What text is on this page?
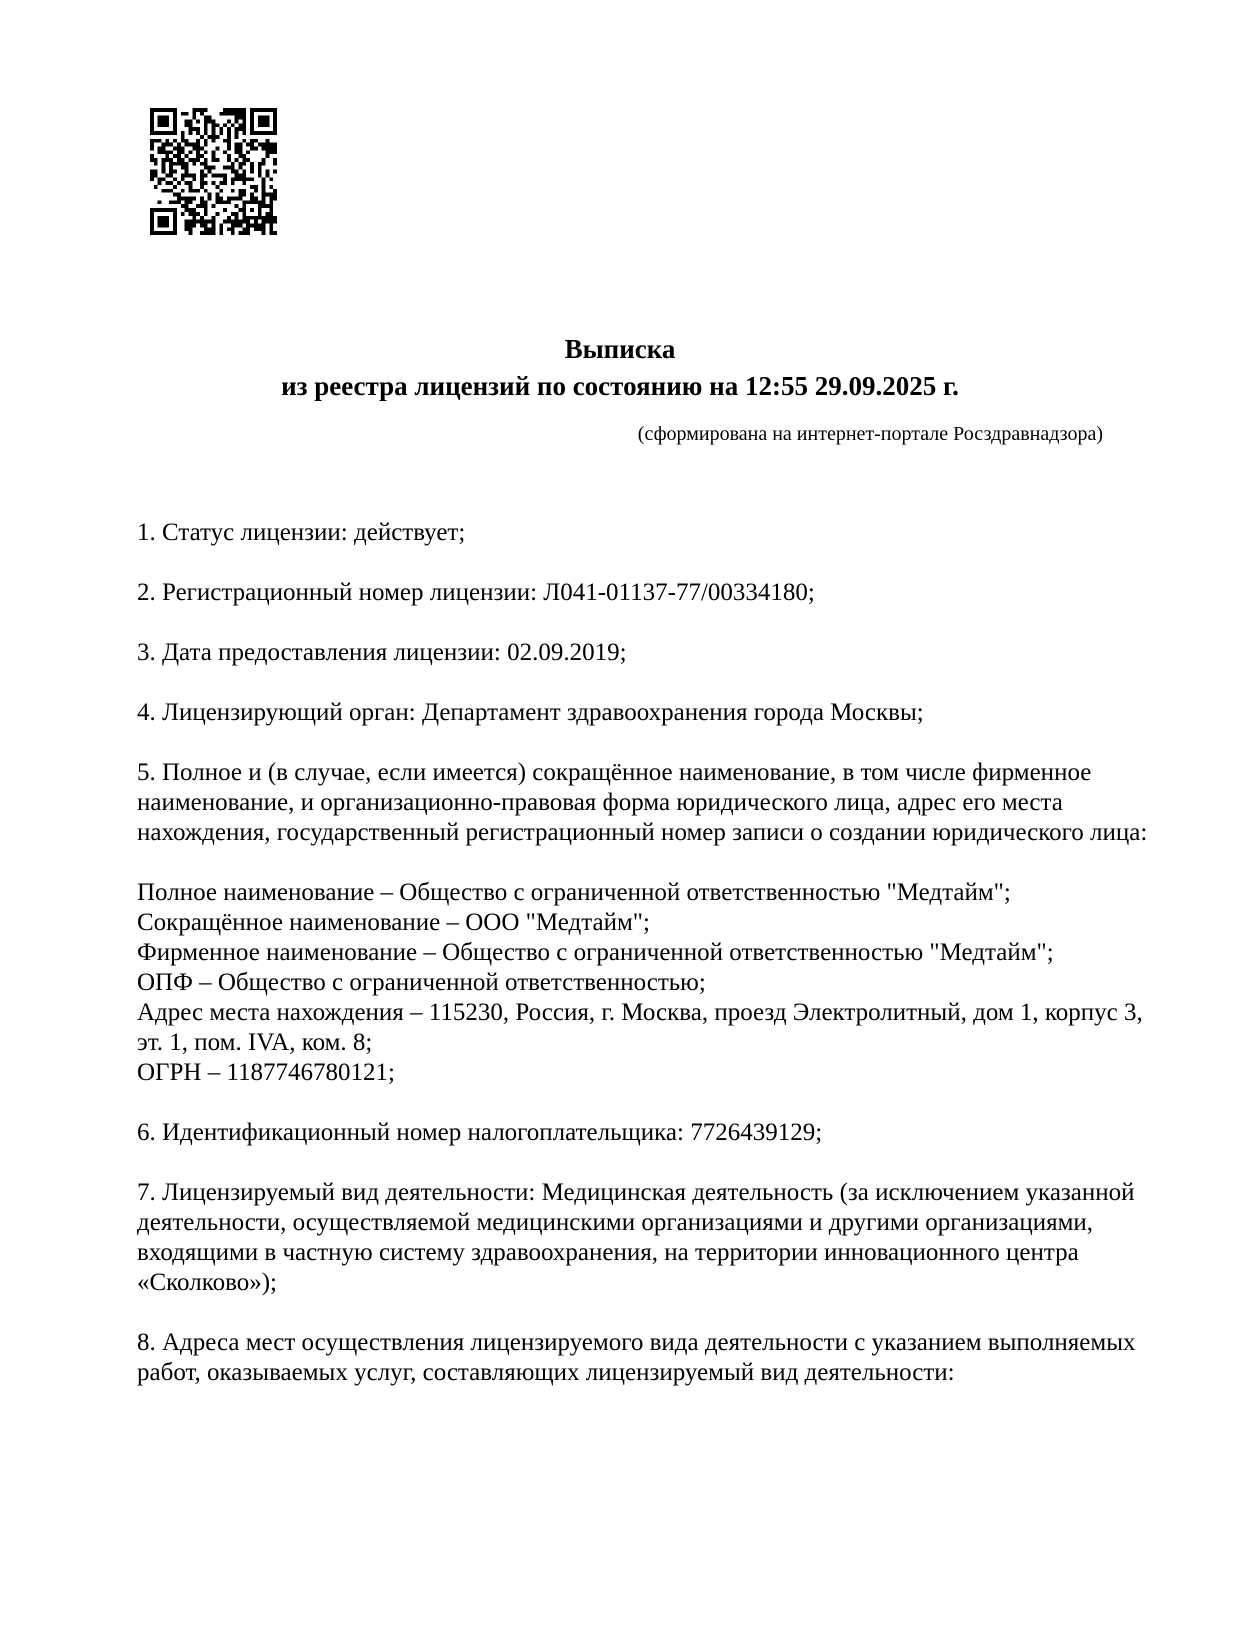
Выписка
из реестра лицензий по состоянию на 12:55 29.09.2025 г.
(сформирована на интернет-портале Росздравнадзора)
1. Статус лицензии: действует;
2. Регистрационный номер лицензии: Л041-01137-77/00334180;
3. Дата предоставления лицензии: 02.09.2019;
4. Лицензирующий орган: Департамент здравоохранения города Москвы;
5. Полное и (в случае, если имеется) сокращённое наименование, в том числе фирменное
наименование, и организационно-правовая форма юридического лица, адрес его места
нахождения, государственный регистрационный номер записи о создании юридического лица:
Полное наименование – Общество с ограниченной ответственностью "Медтайм";
Сокращённое наименование – ООО "Медтайм";
Фирменное наименование – Общество с ограниченной ответственностью "Медтайм";
ОПФ – Общество с ограниченной ответственностью;
Адрес места нахождения – 115230, Россия, г. Москва, проезд Электролитный, дом 1, корпус 3,
эт. 1, пом. IVA, ком. 8;
ОГРН – 1187746780121;
6. Идентификационный номер налогоплательщика: 7726439129;
7. Лицензируемый вид деятельности: Медицинская деятельность (за исключением указанной
деятельности, осуществляемой медицинскими организациями и другими организациями,
входящими в частную систему здравоохранения, на территории инновационного центра
«Сколково»);
8. Адреса мест осуществления лицензируемого вида деятельности с указанием выполняемых
работ, оказываемых услуг, составляющих лицензируемый вид деятельности:
